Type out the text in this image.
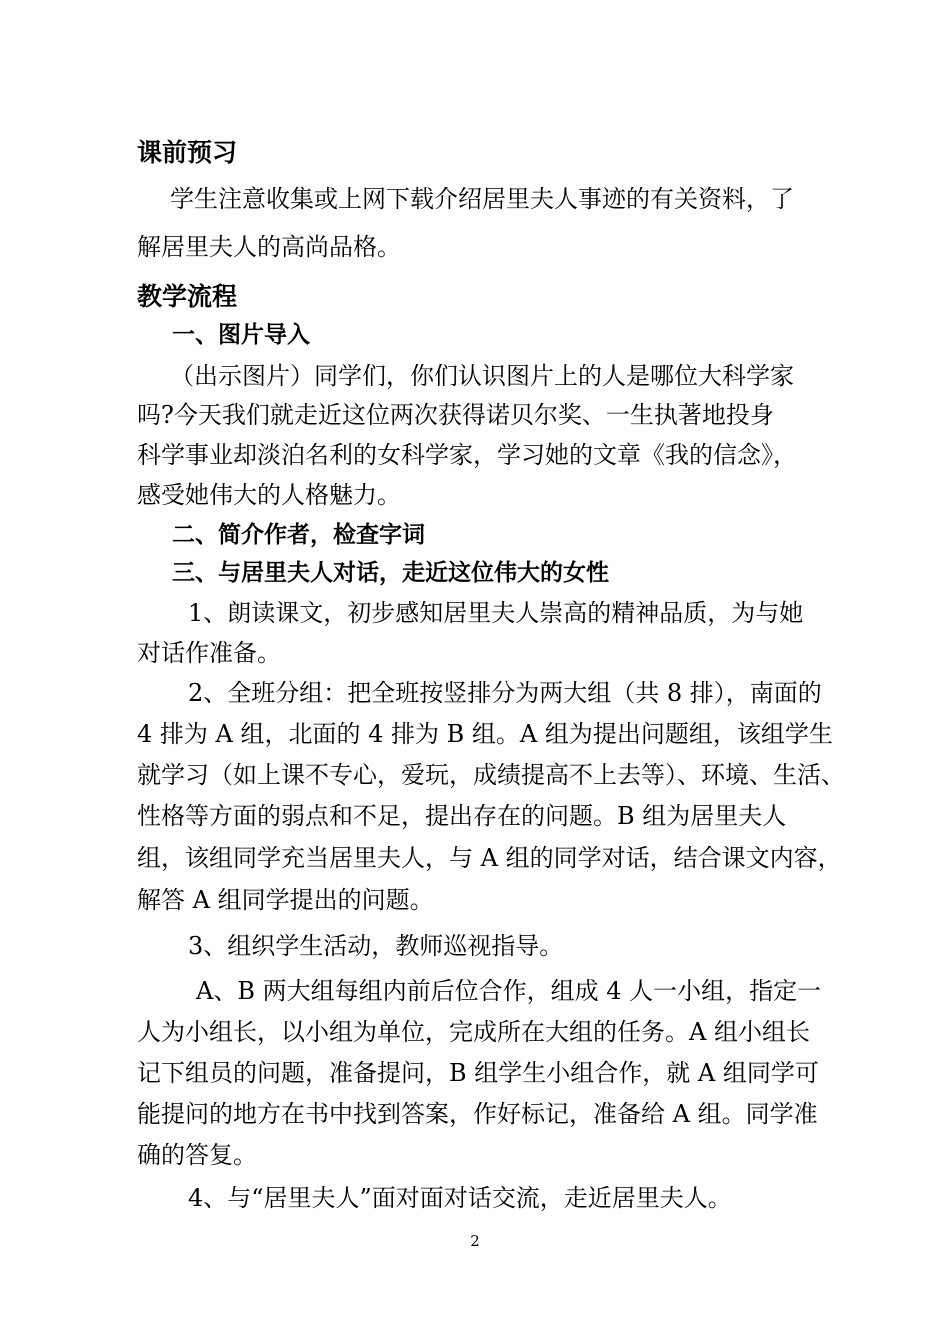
课前预习
学生注意收集或上网下载介绍居里夫人事迹的有关资料，了
解居里夫人的高尚品格。
教学流程
一、图片导入
（出示图片）同学们，你们认识图片上的人是哪位大科学家
吗?今天我们就走近这位两次获得诺贝尔奖、一生执著地投身
科学事业却淡泊名利的女科学家，学习她的文章《我的信念》，
感受她伟大的人格魅力。
二、简介作者，检查字词
三、与居里夫人对话，走近这位伟大的女性
1、朗读课文，初步感知居里夫人崇高的精神品质，为与她
对话作准备。
2、全班分组：把全班按竖排分为两大组（共 8 排），南面的
4 排为 A 组，北面的 4 排为 B 组。A 组为提出问题组，该组学生
就学习（如上课不专心，爱玩，成绩提高不上去等）、环境、生活、
性格等方面的弱点和不足，提出存在的问题。B 组为居里夫人
组，该组同学充当居里夫人，与 A 组的同学对话，结合课文内容，
解答 A 组同学提出的问题。
3、组织学生活动，教师巡视指导。
A、B 两大组每组内前后位合作，组成 4 人一小组，指定一
人为小组长，以小组为单位，完成所在大组的任务。A 组小组长
记下组员的问题，准备提问，B 组学生小组合作，就 A 组同学可
能提问的地方在书中找到答案，作好标记，准备给 A 组。同学准
确的答复。
4、与“居里夫人”面对面对话交流，走近居里夫人。
2
